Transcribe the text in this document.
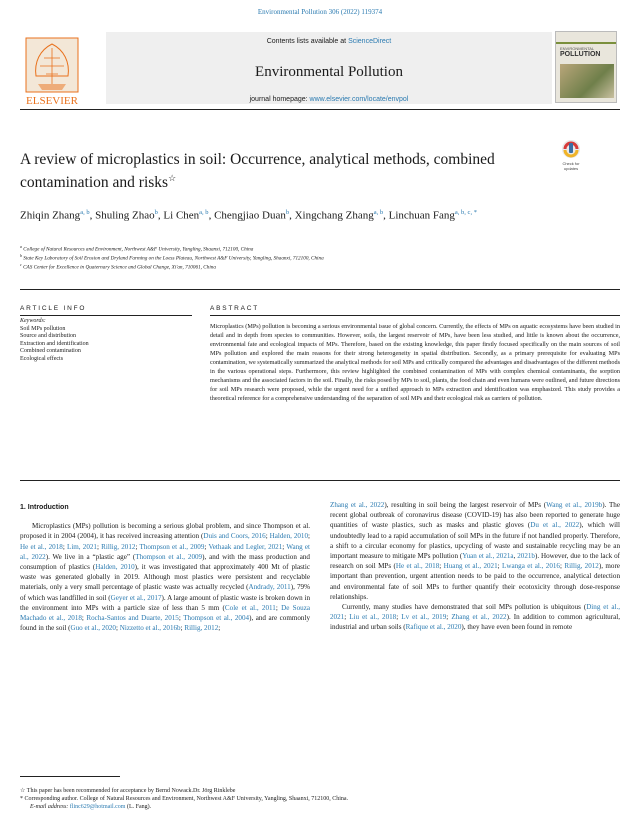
Environmental Pollution 306 (2022) 119374
Contents lists available at ScienceDirect
Environmental Pollution
journal homepage: www.elsevier.com/locate/envpol
ELSEVIER
ENVIRONMENTAL
POLLUTION
A review of microplastics in soil: Occurrence, analytical methods, combined contamination and risks☆
Check for updates
Zhiqin Zhang$^{a, b}$, Shuling Zhao$^b$, Li Chen$^{a, b}$, Chengjiao Duan$^b$, Xingchang Zhang$^{a, b}$, Linchuan Fang$^{a, b, c, *}$
$^a$ College of Natural Resources and Environment, Northwest A&F University, Yangling, Shaanxi, 712100, China
$^b$ State Key Laboratory of Soil Erosion and Dryland Farming on the Loess Plateau, Northwest A&F University, Yangling, Shaanxi, 712100, China
$^c$ CAS Center for Excellence in Quaternary Science and Global Change, Xi'an, 710061, China
ARTICLE INFO	ABSTRACT
Keywords:
Soil MPs pollution
Source and distribution
Extraction and identification
Combined contamination
Ecological effects
Microplastics (MPs) pollution is becoming a serious environmental issue of global concern. Currently, the effects of MPs on aquatic ecosystems have been studied in detail and in depth from species to communities. However, soils, the largest reservoir of MPs, have been less studied, and little is known about the occurrence, environmental fate and ecological impacts of MPs. Therefore, based on the existing knowledge, this paper firstly focused specifically on the main sources of soil MPs pollution and explored the main reasons for their strong heterogeneity in spatial distribution. Secondly, as a primary prerequisite for evaluating MPs contamination, we systematically summarized the analytical methods for soil MPs and critically compared the advantages and disadvantages of the different methods in the various operational steps. Furthermore, this review highlighted the combined contamination of MPs with complex chemical contaminants, the sorption mechanisms and the associated factors in the soil. Finally, the risks posed by MPs to soil, plants, the food chain and even humans were outlined, and future directions for soil MPs research were proposed, while the urgent need for a unified approach to MPs extraction and identification was emphasized. This study provides a theoretical reference for a comprehensive understanding of the separation of soil MPs and their ecological risk as carriers of pollution.
1. Introduction

Microplastics (MPs) pollution is becoming a serious global problem, and since Thompson et al. proposed it in 2004 (2004), it has received increasing attention (Duis and Coors, 2016; Halden, 2010; He et al., 2018; Lim, 2021; Rillig, 2012; Thompson et al., 2009; Vethaak and Legler, 2021; Wang et al., 2022). We live in a “plastic age” (Thompson et al., 2009), and with the mass production and consumption of plastics (Halden, 2010), it was investigated that approximately 400 Mt of plastic waste was generated globally in 2019. Although most plastics were persistent and recyclable materials, only a very small percentage of plastic waste was actually recycled (Andrady, 2011), 79% of which was landfilled in soil (Geyer et al., 2017). A large amount of plastic waste is broken down in the environment into MPs with a particle size of less than 5 mm (Cole et al., 2011; De Souza Machado et al., 2018; Rocha-Santos and Duarte, 2015; Thompson et al., 2004), and are commonly found in the soil (Guo et al., 2020; Nizzetto et al., 2016b; Rillig, 2012;

Zhang et al., 2022), resulting in soil being the largest reservoir of MPs (Wang et al., 2019b). The recent global outbreak of coronavirus disease (COVID-19) has also been reported to generate huge quantities of waste plastics, such as masks and plastic gloves (Du et al., 2022), which will undoubtedly lead to a rapid accumulation of soil MPs in the future if not handled properly. Therefore, a shift to a circular economy for plastics, upcycling of waste and sustainable recycling may be an important measure to mitigate MPs pollution (Yuan et al., 2021a, 2021b). However, due to the lack of research on soil MPs (He et al., 2018; Huang et al., 2021; Lwanga et al., 2016; Rillig, 2012), more important than prevention, urgent attention needs to be paid to the occurrence, analytical detection and environmental fate of soil MPs to further quantify their ecotoxicity through dose-response relationships.

Currently, many studies have demonstrated that soil MPs pollution is ubiquitous (Ding et al., 2021; Liu et al., 2018; Lv et al., 2019; Zhang et al., 2022). In addition to common agricultural, industrial and urban soils (Rafique et al., 2020), they have even been found in remote

☆ This paper has been recommended for acceptance by Bernd Nowack.Dr. Jörg Rinklebe
* Corresponding author. College of Natural Resources and Environment, Northwest A&F University, Yangling, Shaanxi, 712100, China.
E-mail address: flinc629@hotmail.com (L. Fang).
